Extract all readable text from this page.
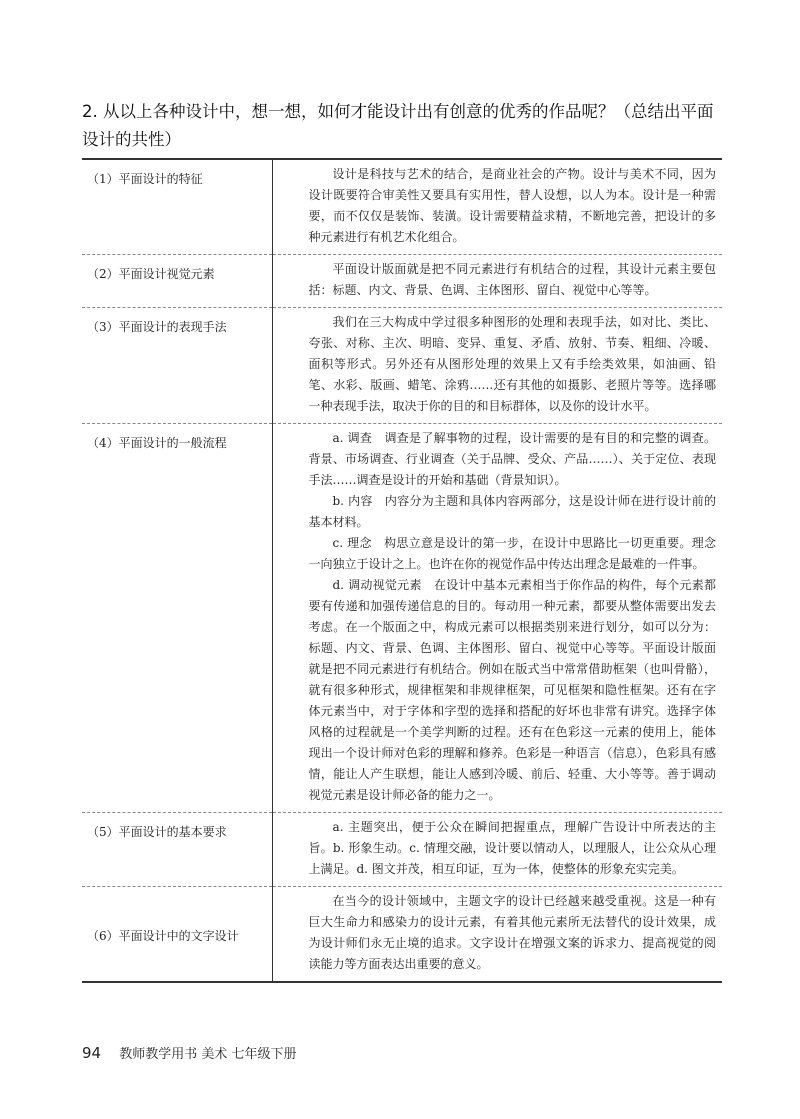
2. 从以上各种设计中，想一想，如何才能设计出有创意的优秀的作品呢？（总结出平面设计的共性）
（1）平面设计的特征	设计是科技与艺术的结合，是商业社会的产物。设计与美术不同，因为设计既要符合审美性又要具有实用性，替人设想，以人为本。设计是一种需要，而不仅仅是装饰、装潢。设计需要精益求精，不断地完善，把设计的多种元素进行有机艺术化组合。

（2）平面设计视觉元素	平面设计版面就是把不同元素进行有机结合的过程，其设计元素主要包括：标题、内文、背景、色调、主体图形、留白、视觉中心等等。

（3）平面设计的表现手法	我们在三大构成中学过很多种图形的处理和表现手法，如对比、类比、夸张、对称、主次、明暗、变异、重复、矛盾、放射、节奏、粗细、冷暖、面积等形式。另外还有从图形处理的效果上又有手绘类效果，如油画、铅笔、水彩、版画、蜡笔、涂鸦……还有其他的如摄影、老照片等等。选择哪一种表现手法，取决于你的目的和目标群体，以及你的设计水平。

（4）平面设计的一般流程	a. 调查　调查是了解事物的过程，设计需要的是有目的和完整的调查。背景、市场调查、行业调查（关于品牌、受众、产品……）、关于定位、表现手法……调查是设计的开始和基础（背景知识）。

b. 内容　内容分为主题和具体内容两部分，这是设计师在进行设计前的基本材料。

c. 理念　构思立意是设计的第一步，在设计中思路比一切更重要。理念一向独立于设计之上。也许在你的视觉作品中传达出理念是最难的一件事。

d. 调动视觉元素　在设计中基本元素相当于你作品的构件，每个元素都要有传递和加强传递信息的目的。每动用一种元素，都要从整体需要出发去考虑。在一个版面之中，构成元素可以根据类别来进行划分，如可以分为：标题、内文、背景、色调、主体图形、留白、视觉中心等等。平面设计版面就是把不同元素进行有机结合。例如在版式当中常常借助框架（也叫骨骼），就有很多种形式，规律框架和非规律框架，可见框架和隐性框架。还有在字体元素当中，对于字体和字型的选择和搭配的好坏也非常有讲究。选择字体风格的过程就是一个美学判断的过程。还有在色彩这一元素的使用上，能体现出一个设计师对色彩的理解和修养。色彩是一种语言（信息），色彩具有感情，能让人产生联想，能让人感到冷暖、前后、轻重、大小等等。善于调动视觉元素是设计师必备的能力之一。

（5）平面设计的基本要求	a. 主题突出，便于公众在瞬间把握重点，理解广告设计中所表达的主旨。b. 形象生动。c. 情理交融，设计要以情动人，以理服人，让公众从心理上满足。d. 图文并茂，相互印证，互为一体，使整体的形象充实完美。

（6）平面设计中的文字设计	在当今的设计领域中，主题文字的设计已经越来越受重视。这是一种有巨大生命力和感染力的设计元素，有着其他元素所无法替代的设计效果，成为设计师们永无止境的追求。文字设计在增强文案的诉求力、提高视觉的阅读能力等方面表达出重要的意义。

94 教师教学用书 美术 七年级下册
